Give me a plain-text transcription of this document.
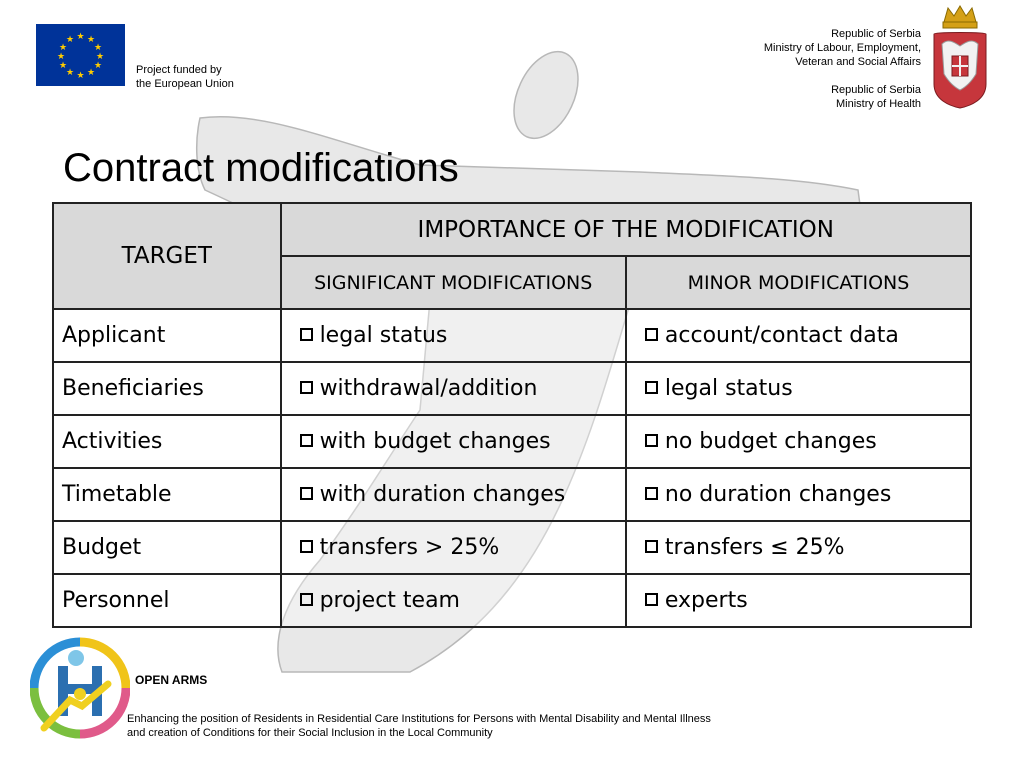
★ ★
★
★
★
★
★
★
★
★
★
★
Project funded by
the European Union
Republic of Serbia
Ministry of Labour, Employment,
Veteran and Social Affairs
Republic of Serbia
Ministry of Health
Contract modifications
TARGET	IMPORTANCE OF THE MODIFICATION	
	SIGNIFICANT MODIFICATIONS	MINOR MODIFICATIONS
Applicant	legal status	account/contact data
Beneficiaries	withdrawal/addition	legal status
Activities	with budget changes	no budget changes
Timetable	with duration changes	no duration changes
Budget	transfers > 25%	transfers ≤ 25%
Personnel	project team	experts
OPEN ARMS
Enhancing the position of Residents in Residential Care Institutions for Persons with Mental Disability and Mental Illness
and creation of Conditions for their Social Inclusion in the Local Community
